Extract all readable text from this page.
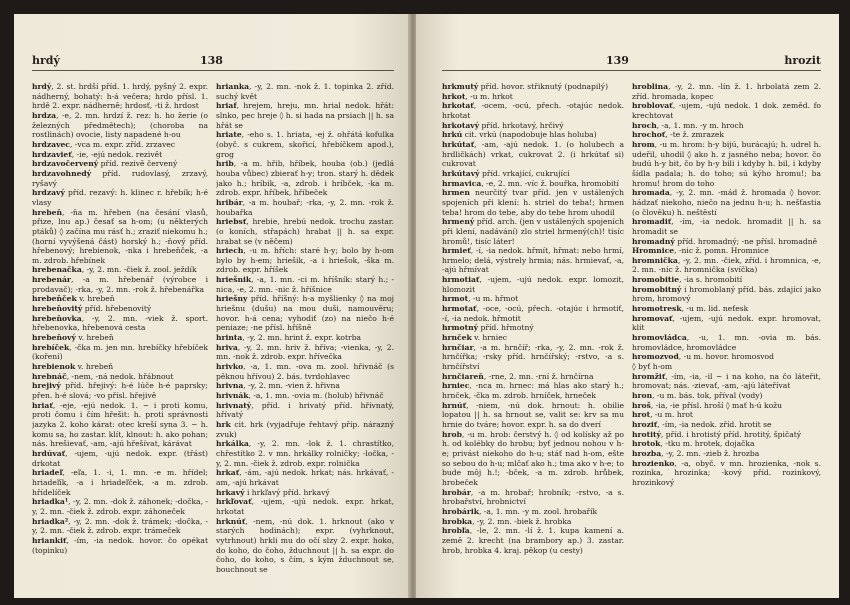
hrdý	138

hrdý, 2. st. hrdší příd. 1. hrdý, pyšný 2. expr. nádherný, bohatý: h-á večera; hrdo přísl. 1. hrdě 2. expr. nádherně; hrdosť, -ti ž. hrdost

hrdza, -e, 2. mn. hrdzí ž. rez: h. ho žerie (o železných předmětech); (choroba na rostlinách) ovocie, listy napadené h-ou

hrdzavec, -vca m. expr. zříd. zrzavec

hrdzavieť, -ie, -ejú nedok. rezivět

hrdzavočervený příd. rezivě červený

hrdzavohnedý příd. rudovlasý, zrzavý, ryšavý

hrdzavý příd. rezavý: h. klinec r. hřebík; h-é vlasy

hrebeň, -ňa m. hřeben (na česání vlasů, přize, lnu ap.) česať sa h-om; (u některých ptáků) ◊ začína mu rásť h.; zraziť niekomu h.; (horní vyvýšená část) horský h.; -ňový příd. hřebenový; hrebienok, -nka i hrebeňček, -a m. zdrob. hřebínek

hrebenačka, -y, 2. mn. -čiek ž. zool. ježdík

hrebenár, -a m. hřebenář (výrobce i prodavač); -rka, -y, 2. mn. -rok ž. hřebenářka

hrebeňček v. hrebeň

hrebeňovitý příd. hřebenovitý

hrebeňovka, -y, 2. mn. -viek ž. sport. hřebenovka, hřebenová cesta

hrebeňový v. hrebeň

hrebíček, -čka m. jen mn. hrebíčky hřebíček (koření)

hrebienok v. hrebeň

hrebnáč, -nem, -ná nedok. hřábnout

hrejivý příd. hřejivý: h-é lúče h-é paprsky; přen. h-é slová; -vo přísl. hřejivě

hriať, -eje, -ejú nedok. 1. ~ i proti komu, proti čomu i čím hřešit: h. proti správnosti jazyka 2. koho kárat: otec kreší syna 3. ~ h. komu sa, ho zastar. klít, klnout: h. ako pohan; nás. hrešievať, -am, -ajú hřešívat, kárávat

hrdúvať, -ujem, -ujú nedok. expr. (třást) drkotat

hriadeľ, -eľa, 1. -i, 1. mn. -e m. hřídel; hriadeľík, -a i hriadeľček, -a m. zdrob. hřídelíček

hriadka¹, -y, 2. mn. -dok ž. záhonek; -dočka, -y, 2. mn. -čiek ž. zdrob. expr. záhoneček

hriadka², -y, 2. mn. -dok ž. trámek; -dočka, -y, 2. mn. -čiek ž. zdrob. expr. trámeček

hriankiť, -ím, -ia nedok. hovor. čo opékat (topinku)

hrianka, -y, 2. mn. -nok ž. 1. topinka 2. zříd. suchý květ

hriaf, hrejem, hreju, mn. hrial nedok. hřát: slnko, pec hreje ◊ h. si hada na prsiach || h. sa hřát se

hriate, -eho s. 1. hriata, -ej ž. ohřátá kofulka (obyč. s cukrem, skořicí, hřebíčkem apod.), grog

hrib, -a m. hřib, hříbek, houba (ob.) (jedlá houba vůbec) zbierať h-y; tron. starý h. dědek jako h.; hríbik, -a, zdrob. i hríbček, -ka m. zdrob. expr. hříbek, hříbeček

hribár, -a m. houbař; -rka, -y, 2. mn. -rok ž. houbařka

hriebsť, hrebie, hrebú nedok. trochu zastar. (o koních, střapách) hrabat || h. sa expr. hrabat se (v něčem)

hriech, -u m. hřích: staré h-y; bolo by h-om bylo by h-em; hriešik, -a i hriešok, -ška m. zdrob. expr. hříšek

hriešnik, -a, 1. mn. -ci m. hříšník: starý h.; -nica, -e, 2. mn. -nic ž. hříšnice

hriešny příd. hříšný: h-a myšlienky ◊ na moj hriešnu (dušu) na mou duši, namouvěru; hovor. h-á cena; vyhodiť (zo) na niečo h-é peniaze; -ne přísl. hříšně

hrinta, -y, 2. mn. hrint ž. expr. kotrba

hriva, -y, 2. mn. hriv ž. hříva; -vienka, -y, 2. mn. -nok ž. zdrob. expr. hřívečka

hrivko, -a, 1. mn. -ova m. zool. hřivnáč (s pěknou hřívou) 2. bás. tvrdohlavec

hrivna, -y, 2. mn. -vien ž. hřivna

hrivnák, -a, 1. mn. -ovia m. (holub) hřivnáč

hrivnatý, příd. i hrivatý příd. hřívnatý, hřívatý

hrk cit. hrk (vyjadřuje řehtavý příp. nárazný zvuk)

hrkálka, -y, 2. mn. -lok ž. 1. chrastítko, chřestítko 2. v mn. hrkálky rolničky; -ločka, -y, 2. mn. -čiek ž. zdrob. expr. rolnička

hrkať, -ám, -ajú nedok. hrkat; nás. hrkávať, -am, -ajú hrkávat

hrkavý i hrkľavý příd. hrkavý

hrkľovať, -ujem, -ujú nedok. expr. hrkat, hrkotat

hrknúť, -nem, -nú dok. 1. hrknout (ako v starých hodinách); expr. (vyhrknout, vytrhnout) hrkli mu do očí slzy 2. expr. hoko, do koho, do čoho, žduchnout || h. sa expr. do čoho, do koho, s čím, s kým žduchnout se, bouchnout se

139	hrozit

hrkmutý příd. hovor. střiknutý (podnapilý)

hrkot, -u m. hrkot

hrkotať, -ocem, -ocú, přech. -otajúc nedok. hrkotat

hrkotavý příd. hrkotavý, hrčivý

hrkú cit. vrkú (napodobuje hlas holuba)

hrkútať, -am, -ajú nedok. 1. (o holubech a hrdličkách) vrkat, cukrovat 2. (i hrkútať si) cukrovat

hrkútavý příd. vrkající, cukrující

hrmavica, -e, 2. mn. -víc ž. bouřka, hromobití

hrmen neurčitý tvar příd. jen v ustálených spojeních při klení: h. striel do teba!; hrmen teba! hrom do tebe, aby do tebe hrom uhodil

hrmený příd. arch. (jen v ustálených spojeních při klení, nadávání) zlo striel hrmený(ch)! tisíc hromů!, tisíc láter!

hrmieť, -í, -ia nedok. hřmít, hřmat: nebo hrmí, hrmelo; delá, výstrely hrmia; nás. hrmievať, -a, -ajú hřmívat

hrmotiať, -ujem, -ujú nedok. expr. lomozit, hlomozit

hrmot, -u m. hřmot

hrmotať, -oce, -ocú, přech. -otajúc i hrmotiť, -í, -ia nedok. hřmotit

hrmotný příd. hřmotný

hrnček v. hrniec

hrnčiar, -a m. hrnčíř; -rka, -y, 2. mn. -rok ž. hrnčířka; -rsky příd. hrnčířský; -rstvo, -a s. hrnčířství

hrnčiareň, -rne, 2. mn. -rní ž. hrnčírna

hrniec, -nca m. hrnec: má hlas ako starý h.; hrnček, -čka m. zdrob. hrníček, hrneček

hrnúť, -niem, -nú dok. hrnout: h. obilie lopatou || h. sa hrnout se, valit se: krv sa mu hrnie do tváre; hovor. expr. h. sa do dverí

hrob, -u m. hrob: čerstvý h. ◊ od kolísky až po h. od kolébky do hrobu; byť jednou nohou v h-e; privást niekoho do h-u; stáť nad h-om, ešte so sebou do h-u; mlčať ako h.; tma ako v h-e; to bude môj h.!; -bček, -a m. zdrob. hrůbek, hrobeček

hrobár, -a m. hrobař; hrobník; -rstvo, -a s. hrobařství, hrobnictví

hrobárik, -a, 1. mn. -y m. zool. hrobařík

hrobka, -y, 2. mn. -biek ž. hrobka

hrobľa, -le, 2. mn. -lí ž. 1. kupa kamení a. země 2. krecht (na brambory ap.) 3. zastar. hrob, hrobka 4. kraj. pěkop (u cesty)

hroblina, -y, 2. mn. -lín ž. 1. hrbolatá zem 2. zříd. hromada, kopec

hroblovať, -ujem, -ujú nedok. 1 dok. zeměd. fo krechtovat

hroch, -a, 1. mn. -y m. hroch

hrochoť, -te ž. zmrazek

hrom, -u m. hrom: h-y bijú, burácajú; h. udrel h. udeřil, uhodil ◊ ako h. z jasného neba; hovor. čo budú h-y bit, čo by h-y bili i kdyby h. bil, i kdyby šídla padala; h. do toho; sú kýho hromu!; ba hromu! hrom do toho

hromada, -y, 2. mn. -mád ž. hromada ◊ hovor. hádzať niekoho, niečo na jednu h-u; h. nešťastia (o člověku) h. neštěstí

hromadiť, -ím, -ia nedok. hromadit || h. sa hromadit se

hromadný příd. hromadný; -ne přísl. hromadně

Hromnice, -nic ž. pomn. Hromnice

hromnička, -y, 2. mn. -čiek, zříd. i hromnica, -e, 2. mn. -níc ž. hromnička (svíčka)

hromobitie, -ia s. hromobití

hromobitný i hromoblaný příd. bás. zdající jako hrom, hromový

hromotresk, -u m. lid. neťesk

hromovať, -ujem, -ujú nedok. expr. hromovat, klít

hromovládca, -u, 1. mn. -ovia m. bás. hromovládce, hromovládce

hromozvod, -u m. hovor. hromosvod

◊ byť h-om

hromžiť, -ím, -ia, -il ~ i na koho, na čo láteřit, hromovat; nás. -zievať, -am, -ajú láteřívat

hron, -u m. bás. tok, příval (vody)

hroš, -ia, -ie přísl. hroší ◊ mať h-ú kožu

hrot, -u m. hrot

hroziť, -ím, -ia nedok. zříd. hrotit se

hrotitý, příd. i hrotistý příd. hrotitý, špičatý

hrotok, -tku m. hrotek, dojačka

hrozba, -y, 2. mn. -zieb ž. hrozba

hrozienko, -a, obyč. v mn. hrozienka, -nok s. rozinka, hrozinka; -kový příd. rozinkový, hrozinkový
